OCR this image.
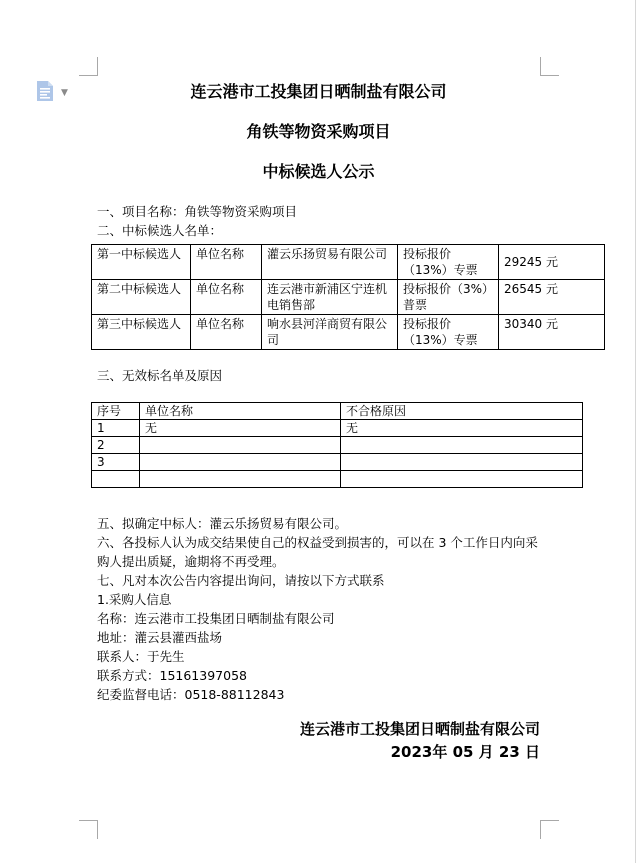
▼	连云港市工投集团日晒制盐有限公司

角铁等物资采购项目

中标候选人公示

一、项目名称：角铁等物资采购项目

二、中标候选人名单：

第一中标候选人	单位名称	灌云乐扬贸易有限公司	投标报价（13%）专票	29245 元
第二中标候选人	单位名称	连云港市新浦区宁连机电销售部	投标报价（3%）普票	26545 元
第三中标候选人	单位名称	响水县河洋商贸有限公司	投标报价（13%）专票	30340 元

三、无效标名单及原因

序号	单位名称	不合格原因
1	无	无
2		
3		

五、拟确定中标人：灌云乐扬贸易有限公司。

六、各投标人认为成交结果使自己的权益受到损害的，可以在 3 个工作日内向采购人提出质疑，逾期将不再受理。

七、凡对本次公告内容提出询问，请按以下方式联系

1.采购人信息

名称：连云港市工投集团日晒制盐有限公司

地址：灌云县灌西盐场

联系人：于先生

联系方式：15161397058

纪委监督电话：0518-88112843

连云港市工投集团日晒制盐有限公司

2023年 05 月 23 日
